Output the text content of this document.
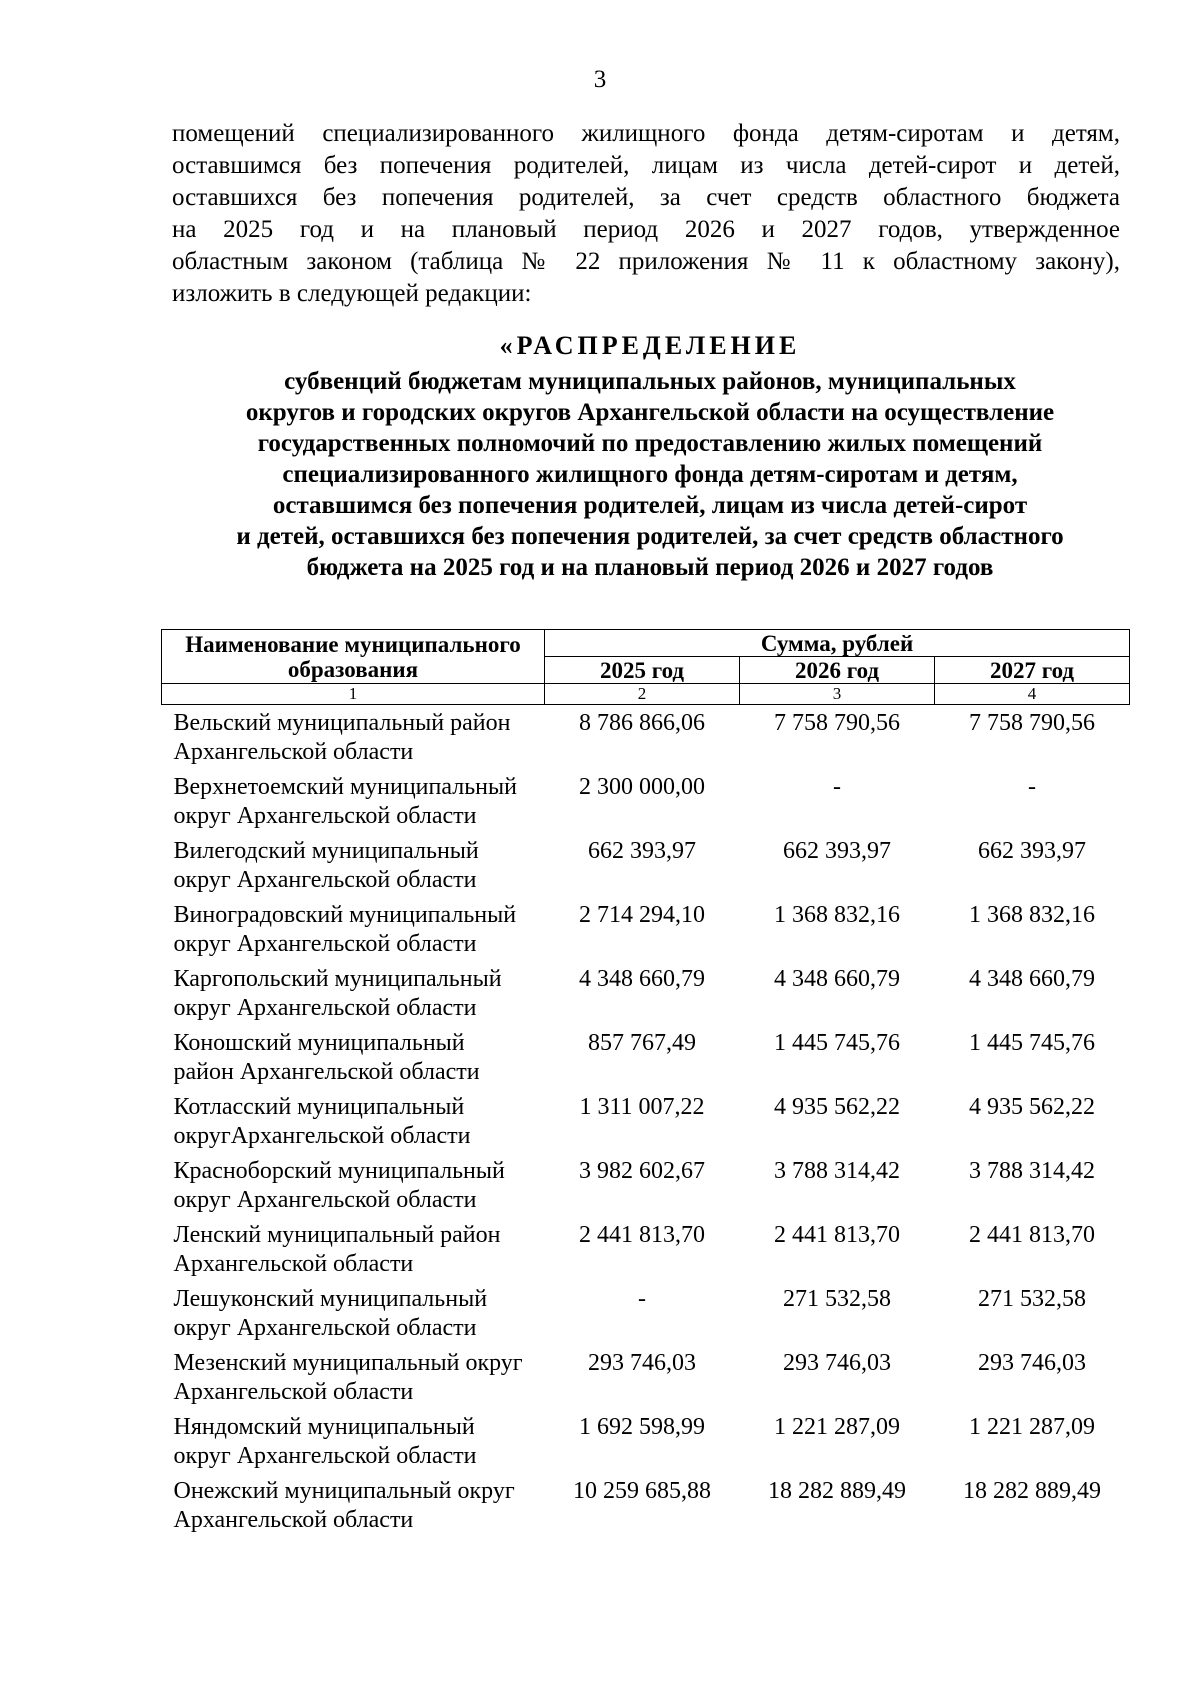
3
помещений специализированного жилищного фонда детям-сиротам и детям,
оставшимся без попечения родителей, лицам из числа детей-сирот и детей,
оставшихся без попечения родителей, за счет средств областного бюджета
на 2025 год и на плановый период 2026 и 2027 годов, утвержденное
областным законом (таблица № 22 приложения № 11 к областному закону),
изложить в следующей редакции:
«РАСПРЕДЕЛЕНИЕ
субвенций бюджетам муниципальных районов, муниципальных
округов и городских округов Архангельской области на осуществление
государственных полномочий по предоставлению жилых помещений
специализированного жилищного фонда детям-сиротам и детям,
оставшимся без попечения родителей, лицам из числа детей-сирот
и детей, оставшихся без попечения родителей, за счет средств областного
бюджета на 2025 год и на плановый период 2026 и 2027 годов
Наименование муниципального
образования	Сумма, рублей		
	2025 год	2026 год	2027 год
1	2	3	4
Вельский муниципальный район
Архангельской области	8 786 866,06	7 758 790,56	7 758 790,56
Верхнетоемский муниципальный
округ Архангельской области	2 300 000,00	-	-
Вилегодский муниципальный
округ Архангельской области	662 393,97	662 393,97	662 393,97
Виноградовский муниципальный
округ Архангельской области	2 714 294,10	1 368 832,16	1 368 832,16
Каргопольский муниципальный
округ Архангельской области	4 348 660,79	4 348 660,79	4 348 660,79
Коношский муниципальный
район Архангельской области	857 767,49	1 445 745,76	1 445 745,76
Котласский муниципальный
округАрхангельской области	1 311 007,22	4 935 562,22	4 935 562,22
Красноборский муниципальный
округ Архангельской области	3 982 602,67	3 788 314,42	3 788 314,42
Ленский муниципальный район
Архангельской области	2 441 813,70	2 441 813,70	2 441 813,70
Лешуконский муниципальный
округ Архангельской области	-	271 532,58	271 532,58
Мезенский муниципальный округ
Архангельской области	293 746,03	293 746,03	293 746,03
Няндомский муниципальный
округ Архангельской области	1 692 598,99	1 221 287,09	1 221 287,09
Онежский муниципальный округ
Архангельской области	10 259 685,88	18 282 889,49	18 282 889,49
